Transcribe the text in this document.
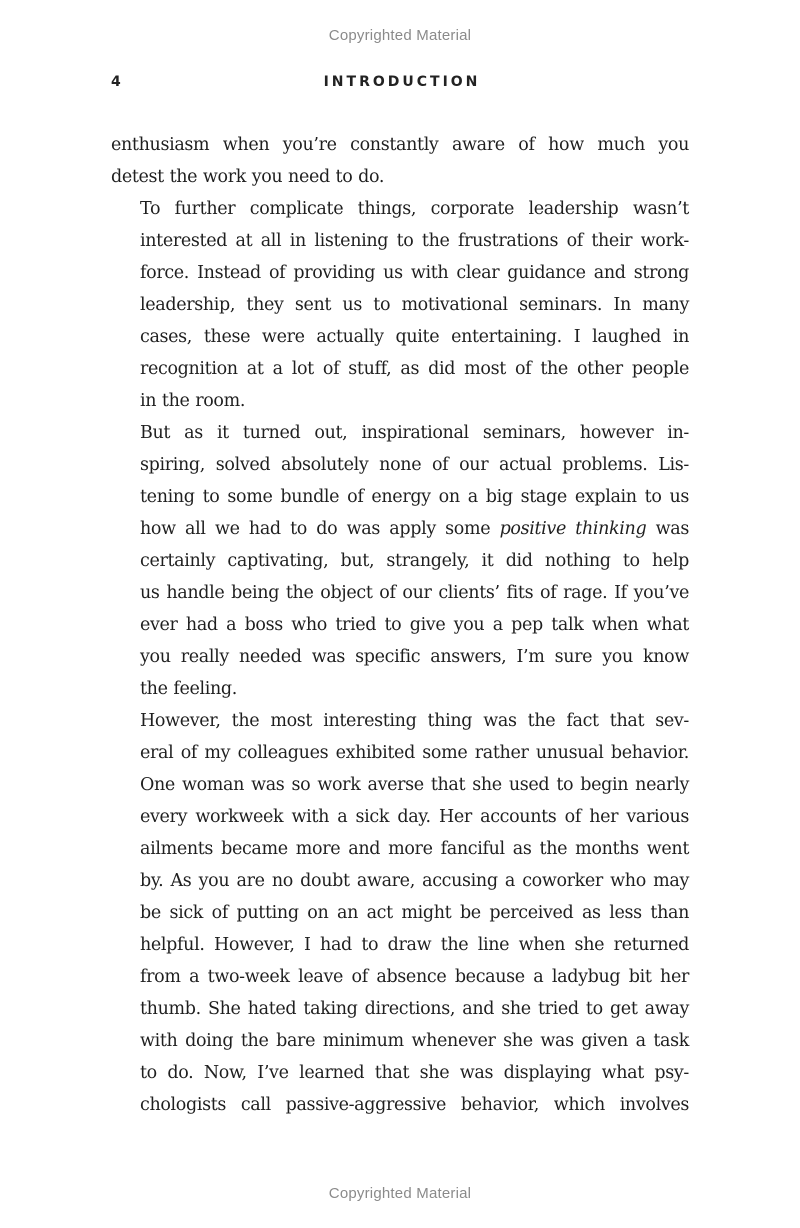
Copyrighted Material
4	INTRODUCTION

enthusiasm when you’re constantly aware of how much you
detest the work you need to do.

To further complicate things, corporate leadership wasn’t
interested at all in listening to the frustrations of their work-
force. Instead of providing us with clear guidance and strong
leadership, they sent us to motivational seminars. In many
cases, these were actually quite entertaining. I laughed in
recognition at a lot of stuff, as did most of the other people
in the room.

But as it turned out, inspirational seminars, however in-
spiring, solved absolutely none of our actual problems. Lis-
tening to some bundle of energy on a big stage explain to us
how all we had to do was apply some positive thinking was
certainly captivating, but, strangely, it did nothing to help
us handle being the object of our clients’ fits of rage. If you’ve
ever had a boss who tried to give you a pep talk when what
you really needed was specific answers, I’m sure you know
the feeling.

However, the most interesting thing was the fact that sev-
eral of my colleagues exhibited some rather unusual behavior.
One woman was so work averse that she used to begin nearly
every workweek with a sick day. Her accounts of her various
ailments became more and more fanciful as the months went
by. As you are no doubt aware, accusing a coworker who may
be sick of putting on an act might be perceived as less than
helpful. However, I had to draw the line when she returned
from a two-week leave of absence because a ladybug bit her
thumb. She hated taking directions, and she tried to get away
with doing the bare minimum whenever she was given a task
to do. Now, I’ve learned that she was displaying what psy-
chologists call passive-aggressive behavior, which involves

Copyrighted Material
